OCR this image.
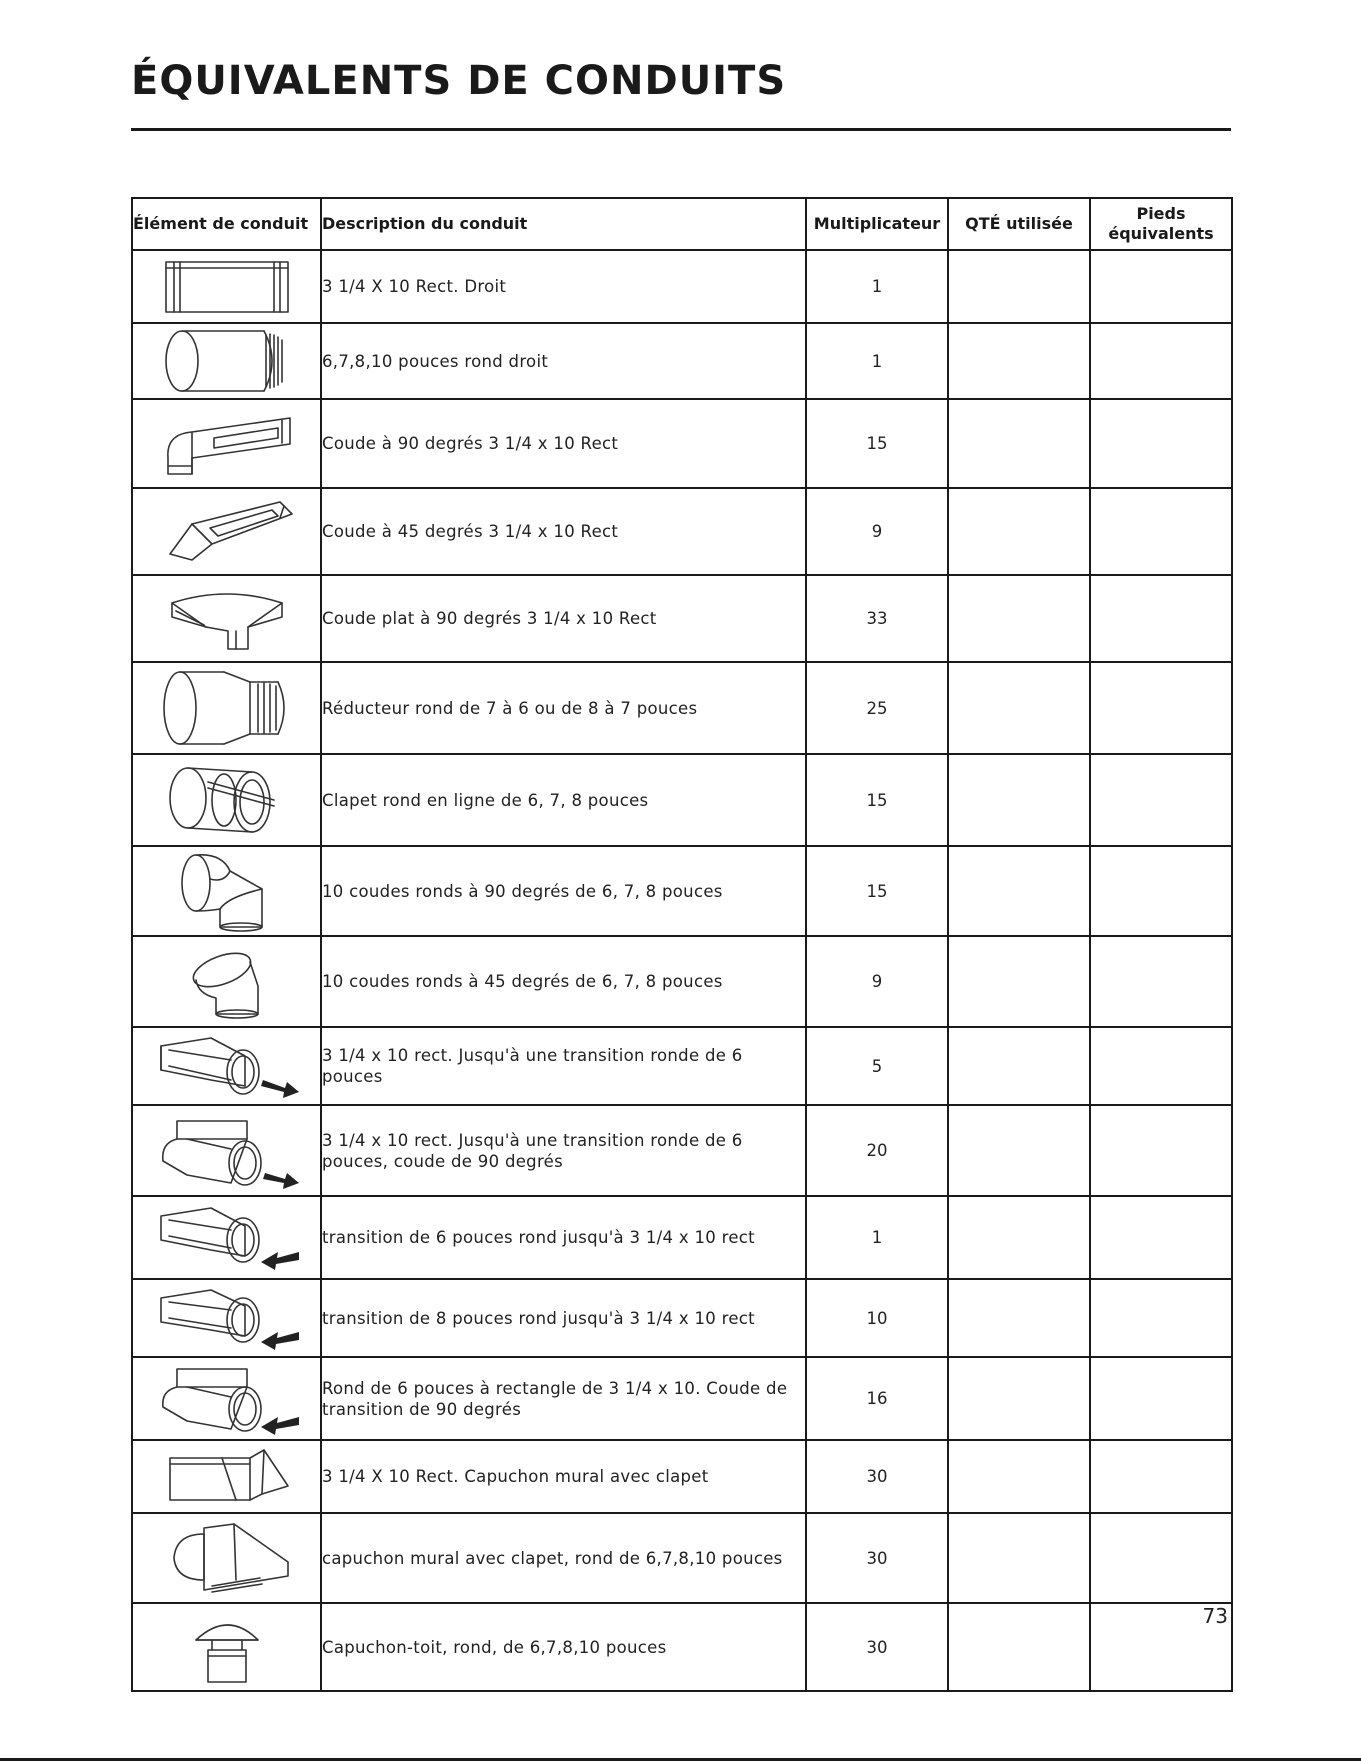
ÉQUIVALENTS DE CONDUITS
Élément de conduit	Description du conduit	Multiplicateur	QTÉ utilisée	Pieds
équivalents

	3 1/4 X 10 Rect. Droit	1		

	6,7,8,10 pouces rond droit	1		

	Coude à 90 degrés 3 1/4 x 10 Rect	15		

	Coude à 45 degrés 3 1/4 x 10 Rect	9		

	Coude plat à 90 degrés 3 1/4 x 10 Rect	33		

	Réducteur rond de 7 à 6 ou de 8 à 7 pouces	25		

	Clapet rond en ligne de 6, 7, 8 pouces	15		

	10 coudes ronds à 90 degrés de 6, 7, 8 pouces	15		

	10 coudes ronds à 45 degrés de 6, 7, 8 pouces	9		

	3 1/4 x 10 rect. Jusqu'à une transition ronde de 6 pouces	5		

	3 1/4 x 10 rect. Jusqu'à une transition ronde de 6 pouces, coude de 90 degrés	20		

	transition de 6 pouces rond jusqu'à 3 1/4 x 10 rect	1		

	transition de 8 pouces rond jusqu'à 3 1/4 x 10 rect	10		

	Rond de 6 pouces à rectangle de 3 1/4 x 10. Coude de transition de 90 degrés	16		

	3 1/4 X 10 Rect. Capuchon mural avec clapet	30		

	capuchon mural avec clapet, rond de 6,7,8,10 pouces	30		

	Capuchon-toit, rond, de 6,7,8,10 pouces	30		
73
